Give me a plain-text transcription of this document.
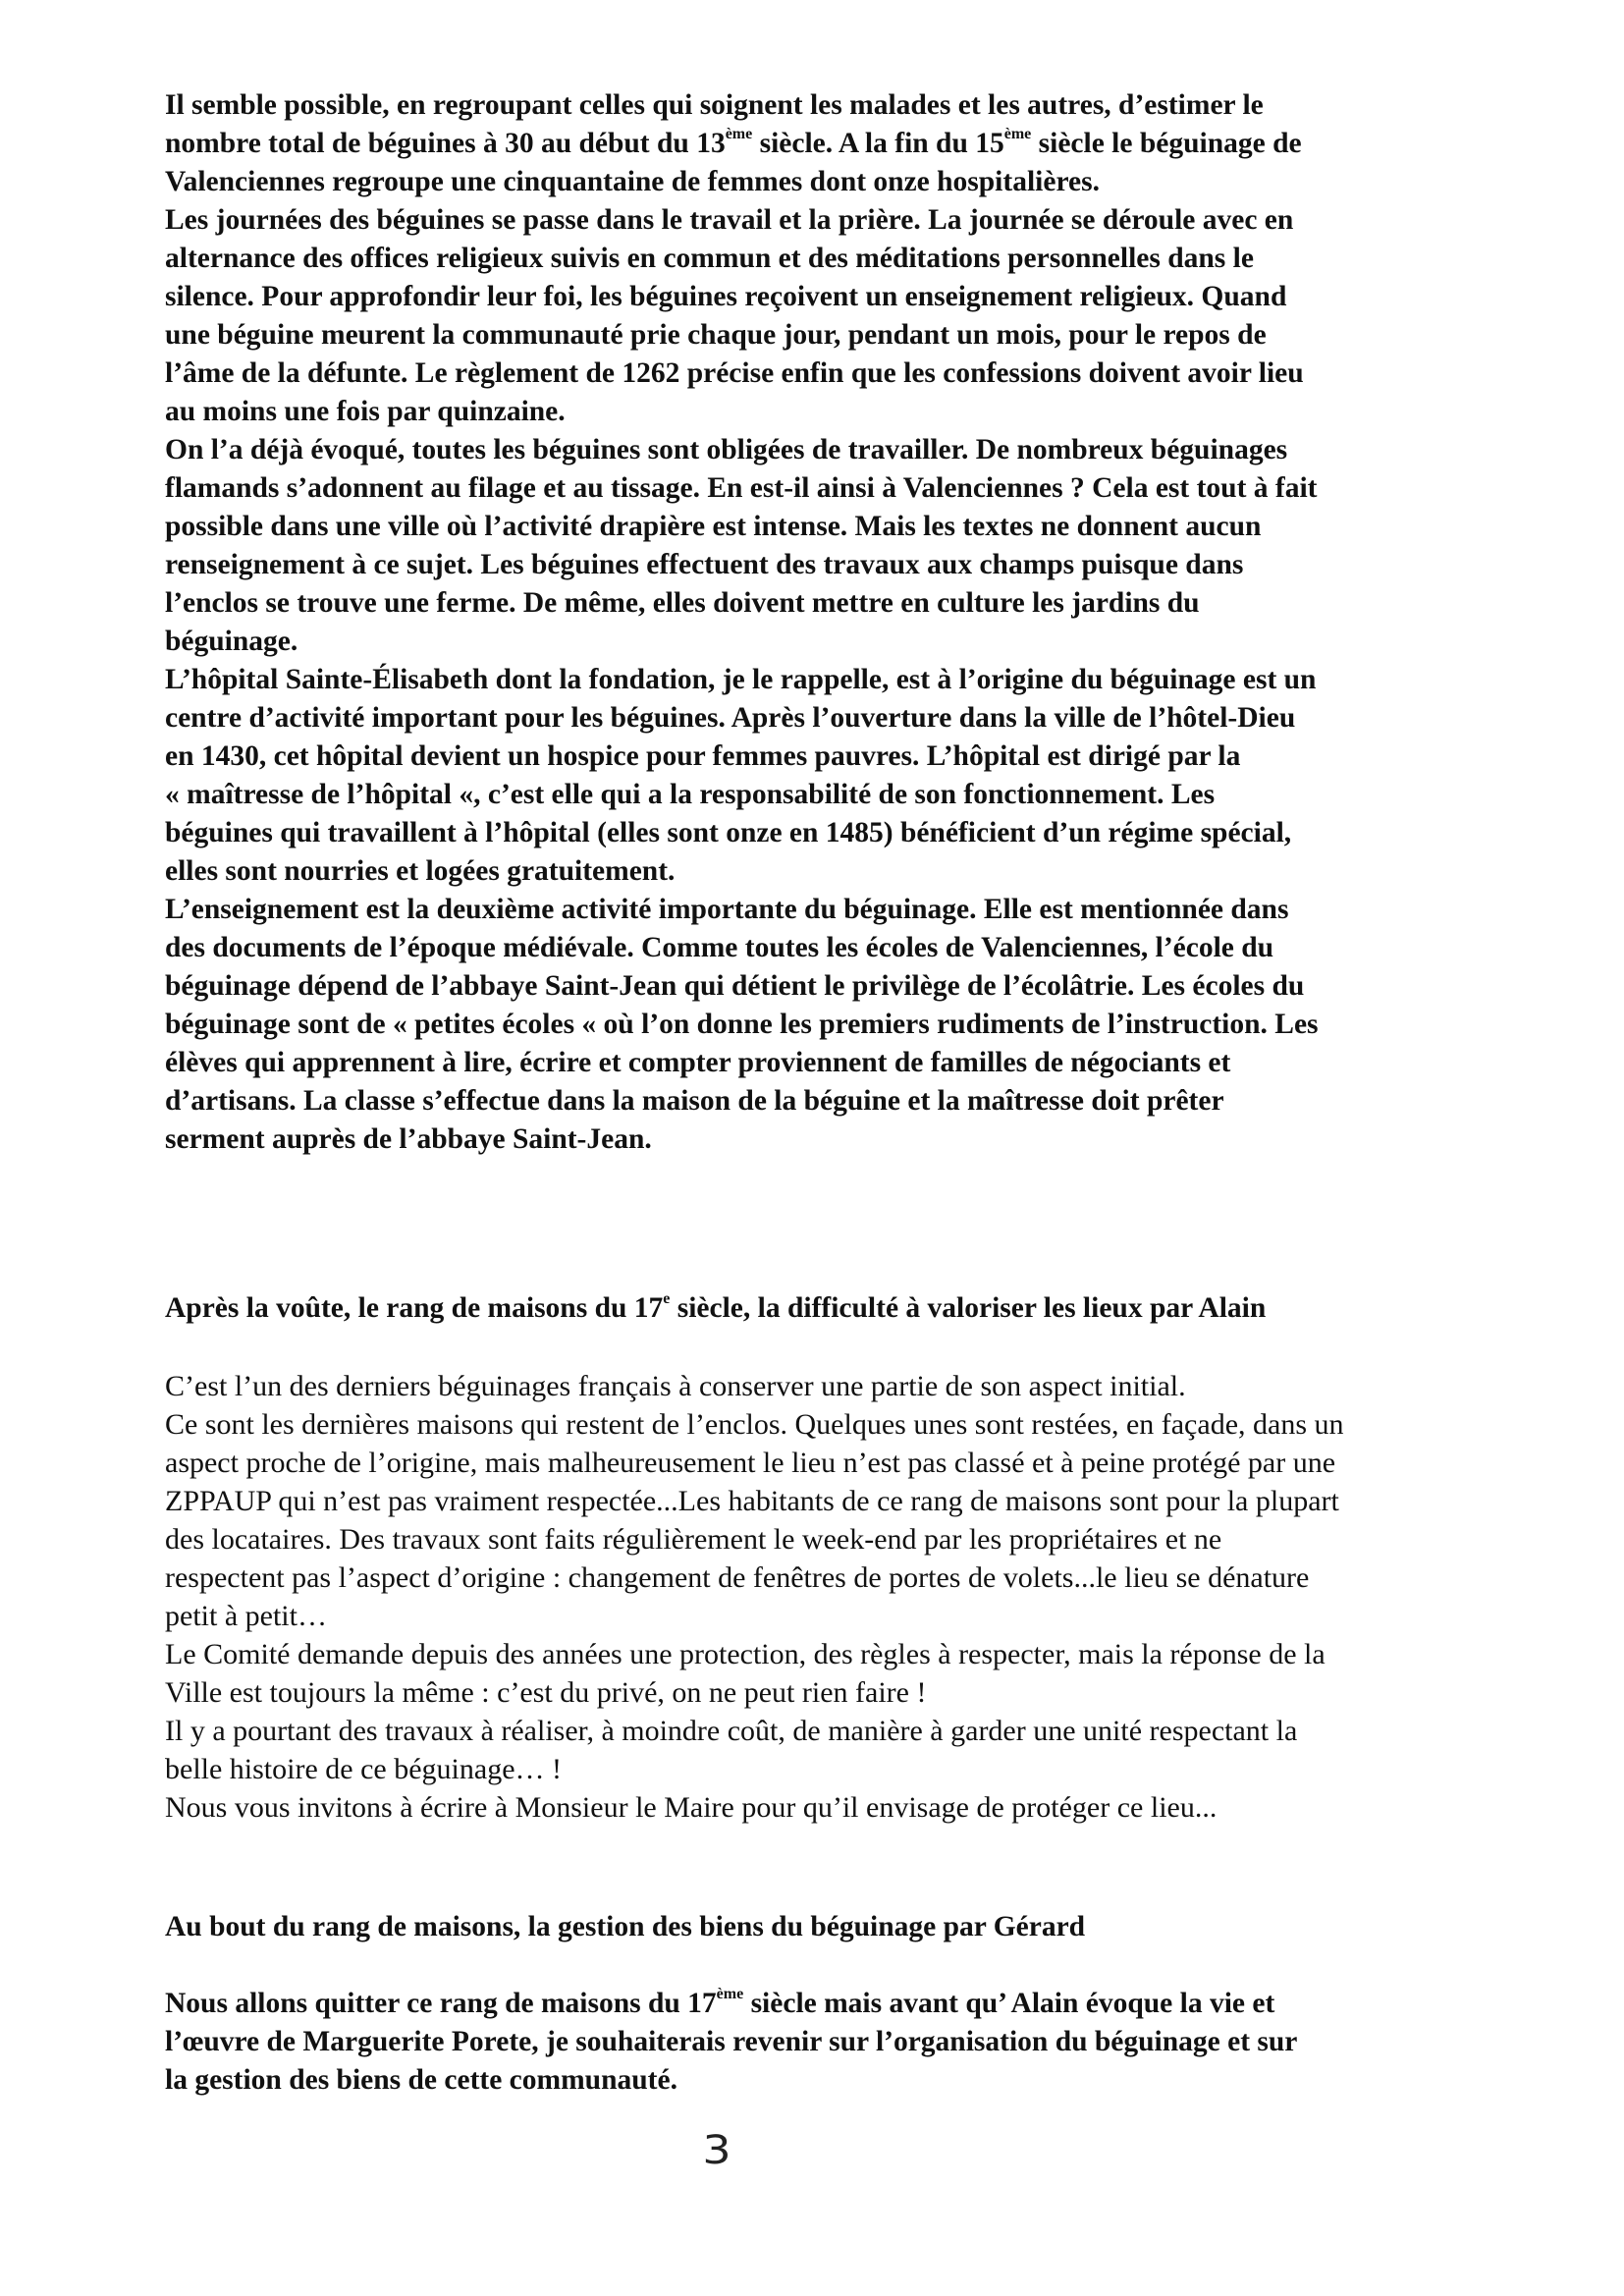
Il semble possible, en regroupant celles qui soignent les malades et les autres, d’estimer le
nombre total de béguines à 30 au début du 13ème siècle. A la fin du 15ème siècle le béguinage de
Valenciennes regroupe une cinquantaine de femmes dont onze hospitalières.
Les journées des béguines se passe dans le travail et la prière. La journée se déroule avec en
alternance des offices religieux suivis en commun et des méditations personnelles dans le
silence. Pour approfondir leur foi, les béguines reçoivent un enseignement religieux. Quand
une béguine meurent la communauté prie chaque jour, pendant un mois, pour le repos de
l’âme de la défunte. Le règlement de 1262 précise enfin que les confessions doivent avoir lieu
au moins une fois par quinzaine.
On l’a déjà évoqué, toutes les béguines sont obligées de travailler. De nombreux béguinages
flamands s’adonnent au filage et au tissage. En est-il ainsi à Valenciennes ? Cela est tout à fait
possible dans une ville où l’activité drapière est intense. Mais les textes ne donnent aucun
renseignement à ce sujet. Les béguines effectuent des travaux aux champs puisque dans
l’enclos se trouve une ferme. De même, elles doivent mettre en culture les jardins du
béguinage.
L’hôpital Sainte-Élisabeth dont la fondation, je le rappelle, est à l’origine du béguinage est un
centre d’activité important pour les béguines. Après l’ouverture dans la ville de l’hôtel-Dieu
en 1430, cet hôpital devient un hospice pour femmes pauvres. L’hôpital est dirigé par la
« maîtresse de l’hôpital «, c’est elle qui a la responsabilité de son fonctionnement. Les
béguines qui travaillent à l’hôpital (elles sont onze en 1485) bénéficient d’un régime spécial,
elles sont nourries et logées gratuitement.
L’enseignement est la deuxième activité importante du béguinage. Elle est mentionnée dans
des documents de l’époque médiévale. Comme toutes les écoles de Valenciennes, l’école du
béguinage dépend de l’abbaye Saint-Jean qui détient le privilège de l’écolâtrie. Les écoles du
béguinage sont de « petites écoles « où l’on donne les premiers rudiments de l’instruction. Les
élèves qui apprennent à lire, écrire et compter proviennent de familles de négociants et
d’artisans. La classe s’effectue dans la maison de la béguine et la maîtresse doit prêter
serment auprès de l’abbaye Saint-Jean.
Après la voûte, le rang de maisons du 17e siècle, la difficulté à valoriser les lieux par Alain
C’est l’un des derniers béguinages français à conserver une partie de son aspect initial.
Ce sont les dernières maisons qui restent de l’enclos. Quelques unes sont restées, en façade, dans un
aspect proche de l’origine, mais malheureusement le lieu n’est pas classé et à peine protégé par une
ZPPAUP qui n’est pas vraiment respectée...Les habitants de ce rang de maisons sont pour la plupart
des locataires. Des travaux sont faits régulièrement le week-end par les propriétaires et ne
respectent pas l’aspect d’origine : changement de fenêtres de portes de volets...le lieu se dénature
petit à petit…
Le Comité demande depuis des années une protection, des règles à respecter, mais la réponse de la
Ville est toujours la même : c’est du privé, on ne peut rien faire !
Il y a pourtant des travaux à réaliser, à moindre coût, de manière à garder une unité respectant la
belle histoire de ce béguinage… !
Nous vous invitons à écrire à Monsieur le Maire pour qu’il envisage de protéger ce lieu...
Au bout du rang de maisons, la gestion des biens du béguinage par Gérard
Nous allons quitter ce rang de maisons du 17ème siècle mais avant qu’ Alain évoque la vie et
l’œuvre de Marguerite Porete, je souhaiterais revenir sur l’organisation du béguinage et sur
la gestion des biens de cette communauté.
3
